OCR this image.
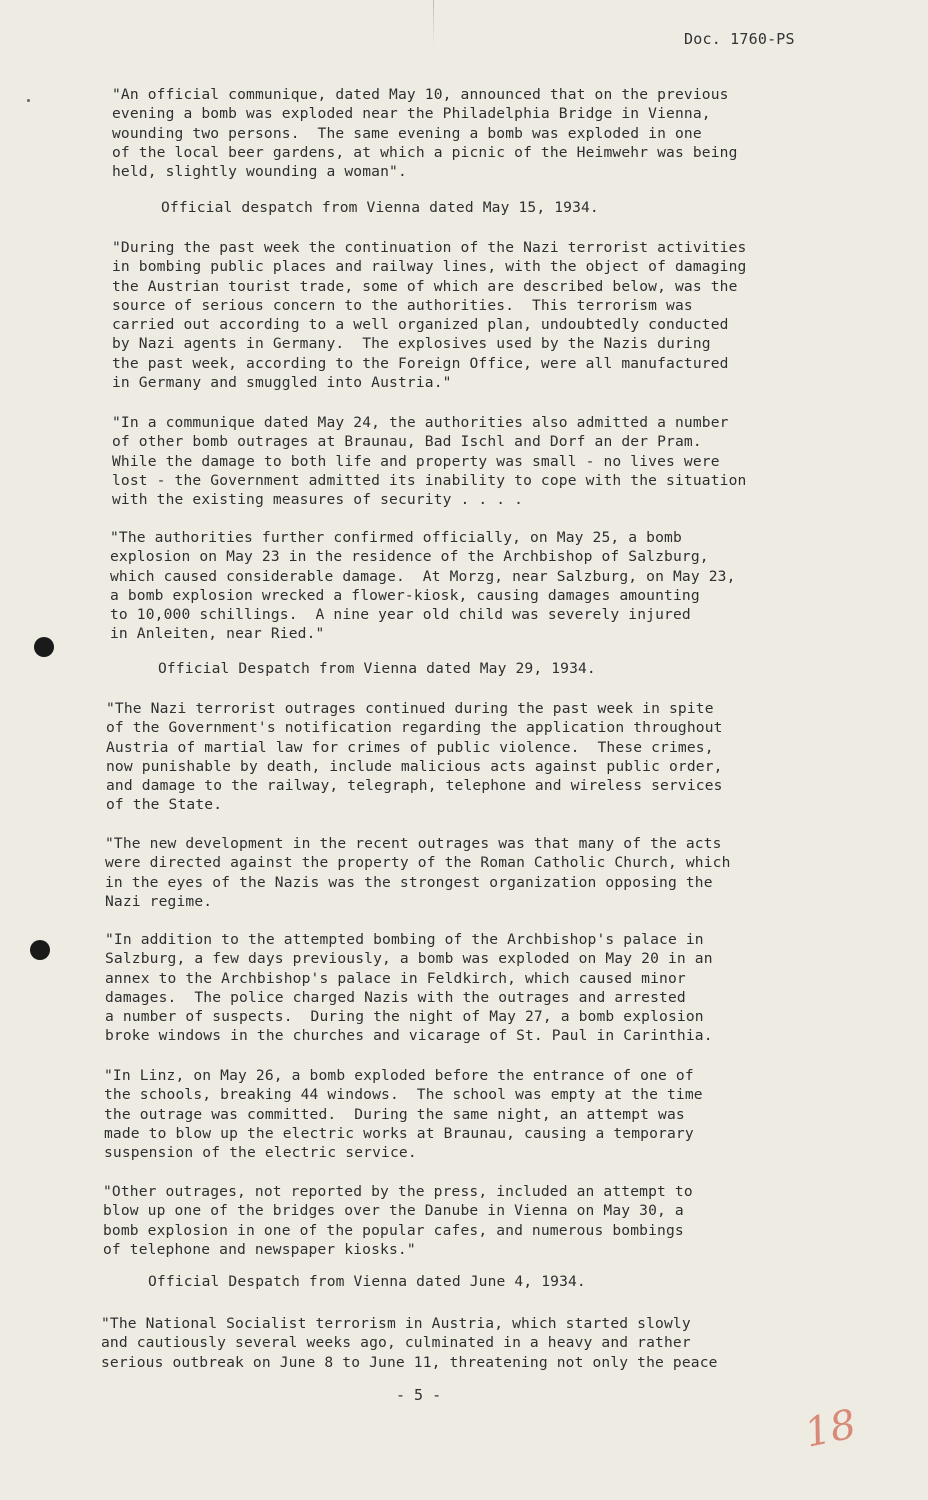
Doc. 1760-PS

"An official communique, dated May 10, announced that on the previous
evening a bomb was exploded near the Philadelphia Bridge in Vienna,
wounding two persons.  The same evening a bomb was exploded in one
of the local beer gardens, at which a picnic of the Heimwehr was being
held, slightly wounding a woman".

Official despatch from Vienna dated May 15, 1934.

"During the past week the continuation of the Nazi terrorist activities
in bombing public places and railway lines, with the object of damaging
the Austrian tourist trade, some of which are described below, was the
source of serious concern to the authorities.  This terrorism was
carried out according to a well organized plan, undoubtedly conducted
by Nazi agents in Germany.  The explosives used by the Nazis during
the past week, according to the Foreign Office, were all manufactured
in Germany and smuggled into Austria."

"In a communique dated May 24, the authorities also admitted a number
of other bomb outrages at Braunau, Bad Ischl and Dorf an der Pram.
While the damage to both life and property was small - no lives were
lost - the Government admitted its inability to cope with the situation
with the existing measures of security . . . .

"The authorities further confirmed officially, on May 25, a bomb
explosion on May 23 in the residence of the Archbishop of Salzburg,
which caused considerable damage.  At Morzg, near Salzburg, on May 23,
a bomb explosion wrecked a flower-kiosk, causing damages amounting
to 10,000 schillings.  A nine year old child was severely injured
in Anleiten, near Ried."

Official Despatch from Vienna dated May 29, 1934.

"The Nazi terrorist outrages continued during the past week in spite
of the Government's notification regarding the application throughout
Austria of martial law for crimes of public violence.  These crimes,
now punishable by death, include malicious acts against public order,
and damage to the railway, telegraph, telephone and wireless services
of the State.

"The new development in the recent outrages was that many of the acts
were directed against the property of the Roman Catholic Church, which
in the eyes of the Nazis was the strongest organization opposing the
Nazi regime.

"In addition to the attempted bombing of the Archbishop's palace in
Salzburg, a few days previously, a bomb was exploded on May 20 in an
annex to the Archbishop's palace in Feldkirch, which caused minor
damages.  The police charged Nazis with the outrages and arrested
a number of suspects.  During the night of May 27, a bomb explosion
broke windows in the churches and vicarage of St. Paul in Carinthia.

"In Linz, on May 26, a bomb exploded before the entrance of one of
the schools, breaking 44 windows.  The school was empty at the time
the outrage was committed.  During the same night, an attempt was
made to blow up the electric works at Braunau, causing a temporary
suspension of the electric service.

"Other outrages, not reported by the press, included an attempt to
blow up one of the bridges over the Danube in Vienna on May 30, a
bomb explosion in one of the popular cafes, and numerous bombings
of telephone and newspaper kiosks."

Official Despatch from Vienna dated June 4, 1934.

"The National Socialist terrorism in Austria, which started slowly
and cautiously several weeks ago, culminated in a heavy and rather
serious outbreak on June 8 to June 11, threatening not only the peace

- 5 -
18
